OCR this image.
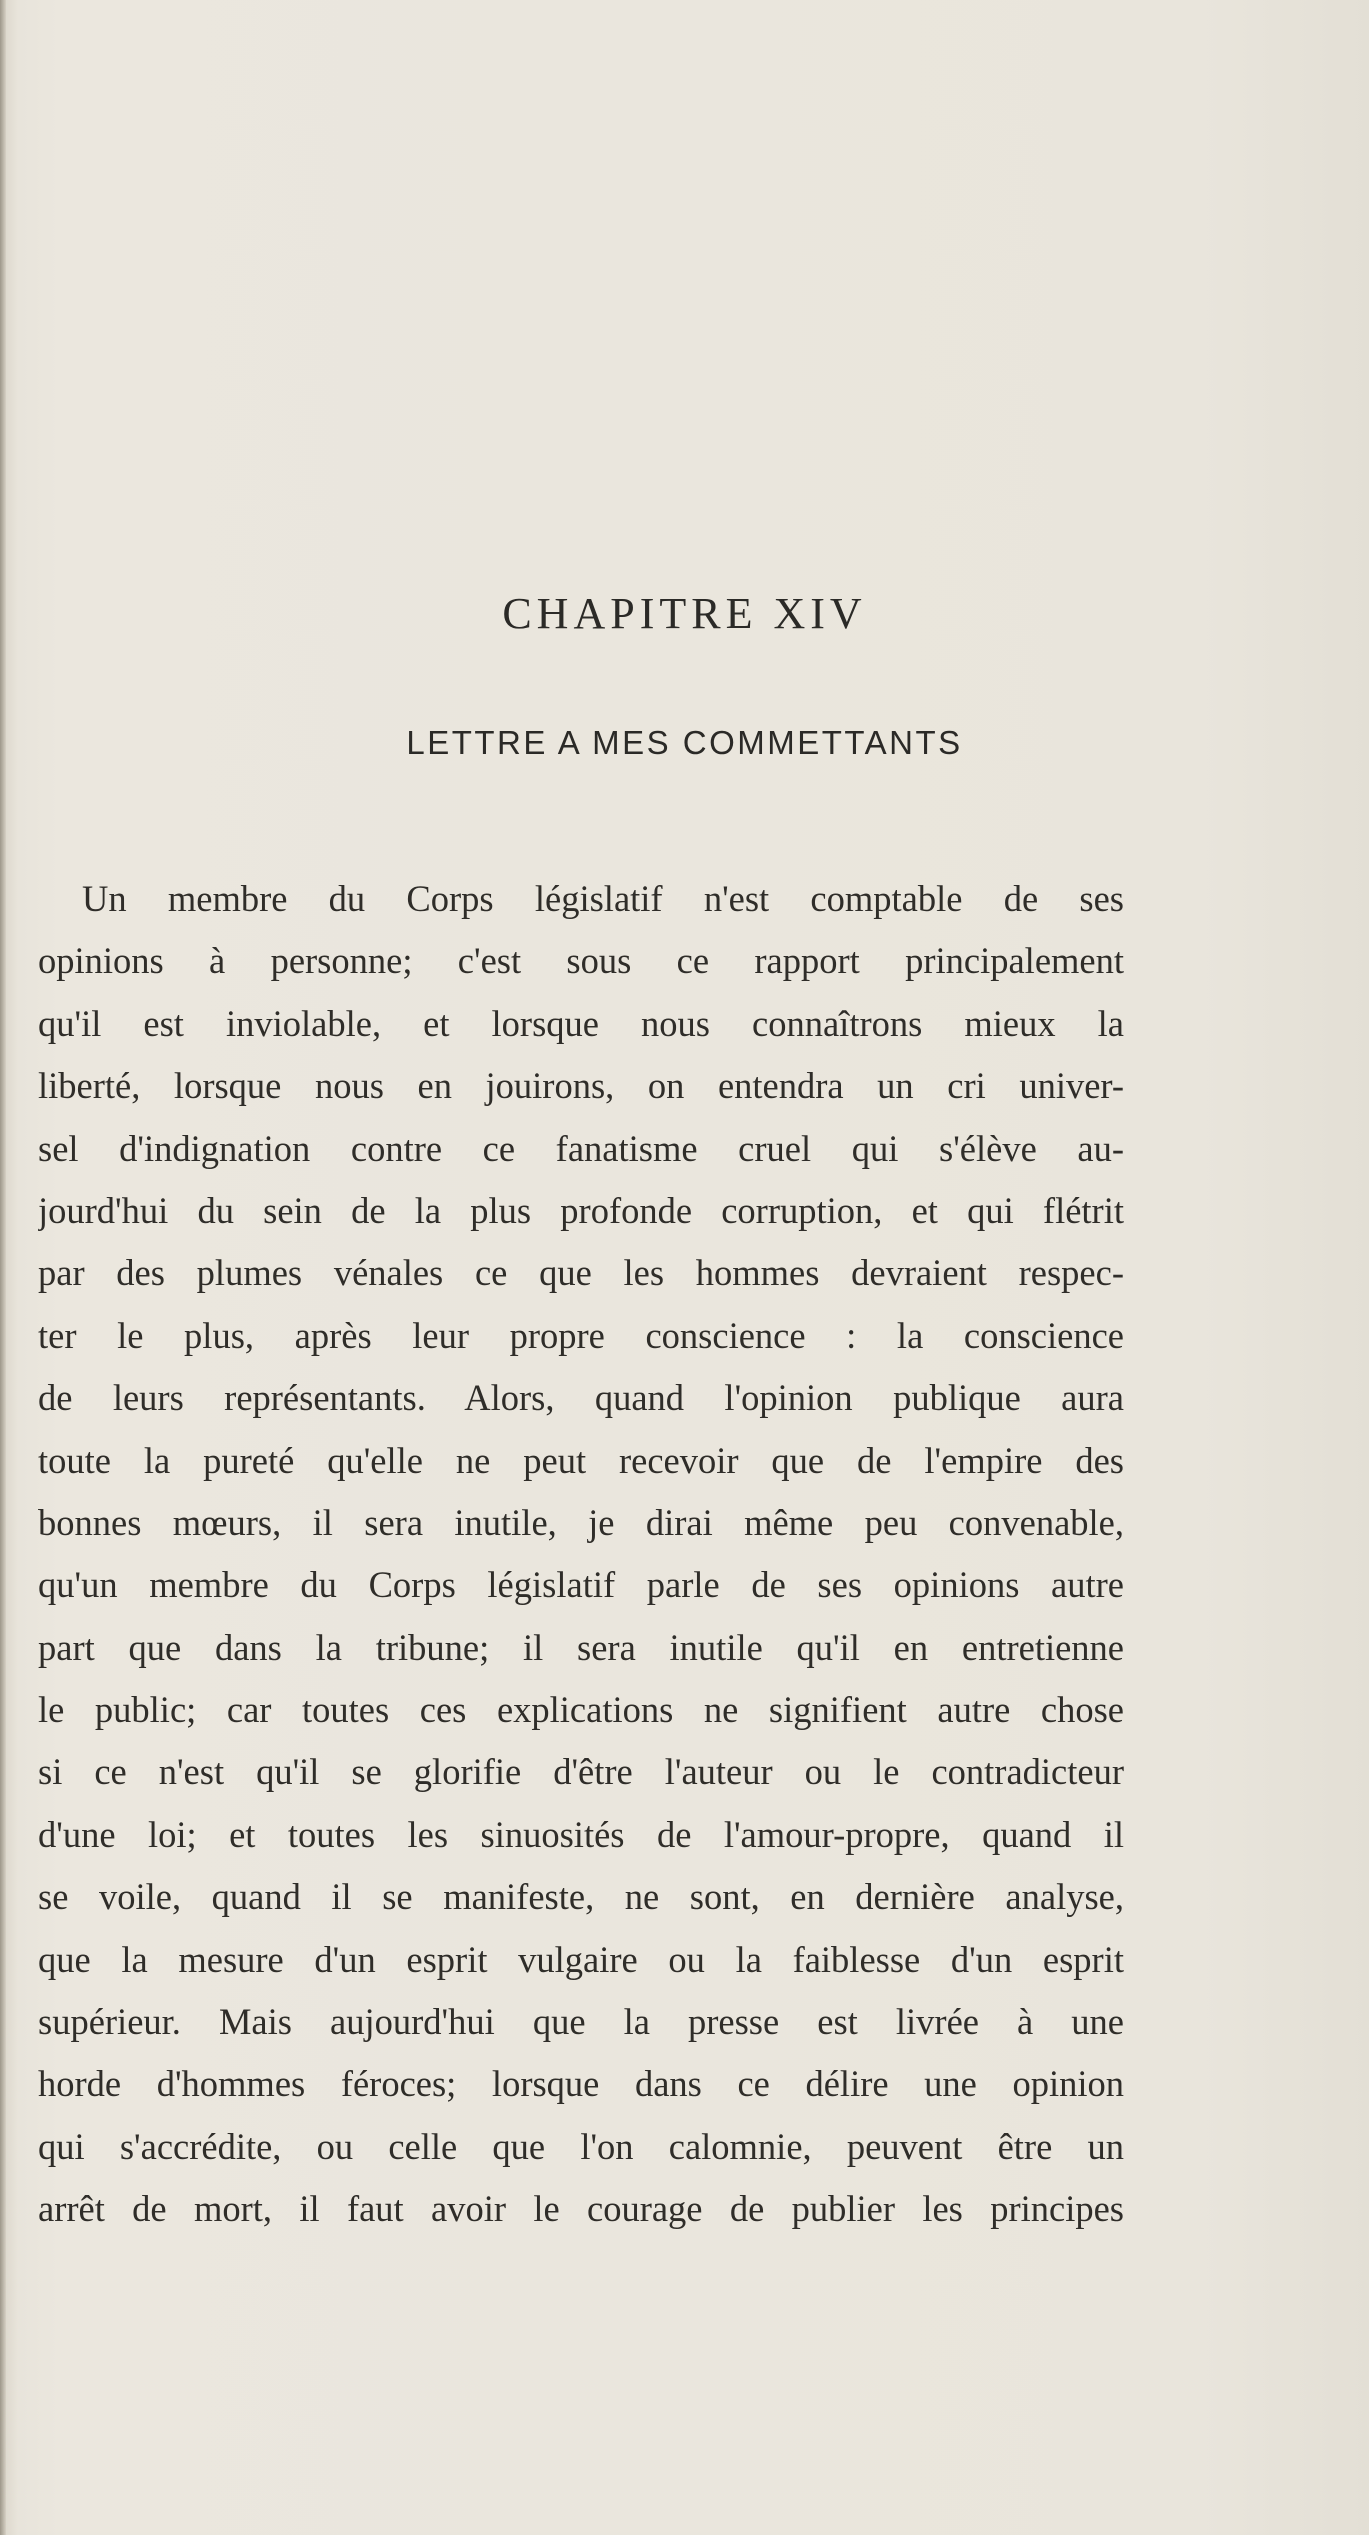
CHAPITRE XIV
LETTRE A MES COMMETTANTS
Un membre du Corps législatif n'est comptable de ses
opinions à personne; c'est sous ce rapport principalement
qu'il est inviolable, et lorsque nous connaîtrons mieux la
liberté, lorsque nous en jouirons, on entendra un cri univer-
sel d'indignation contre ce fanatisme cruel qui s'élève au-
jourd'hui du sein de la plus profonde corruption, et qui flétrit
par des plumes vénales ce que les hommes devraient respec-
ter le plus, après leur propre conscience : la conscience
de leurs représentants. Alors, quand l'opinion publique aura
toute la pureté qu'elle ne peut recevoir que de l'empire des
bonnes mœurs, il sera inutile, je dirai même peu convenable,
qu'un membre du Corps législatif parle de ses opinions autre
part que dans la tribune; il sera inutile qu'il en entretienne
le public; car toutes ces explications ne signifient autre chose
si ce n'est qu'il se glorifie d'être l'auteur ou le contradicteur
d'une loi; et toutes les sinuosités de l'amour-propre, quand il
se voile, quand il se manifeste, ne sont, en dernière analyse,
que la mesure d'un esprit vulgaire ou la faiblesse d'un esprit
supérieur. Mais aujourd'hui que la presse est livrée à une
horde d'hommes féroces; lorsque dans ce délire une opinion
qui s'accrédite, ou celle que l'on calomnie, peuvent être un
arrêt de mort, il faut avoir le courage de publier les principes
